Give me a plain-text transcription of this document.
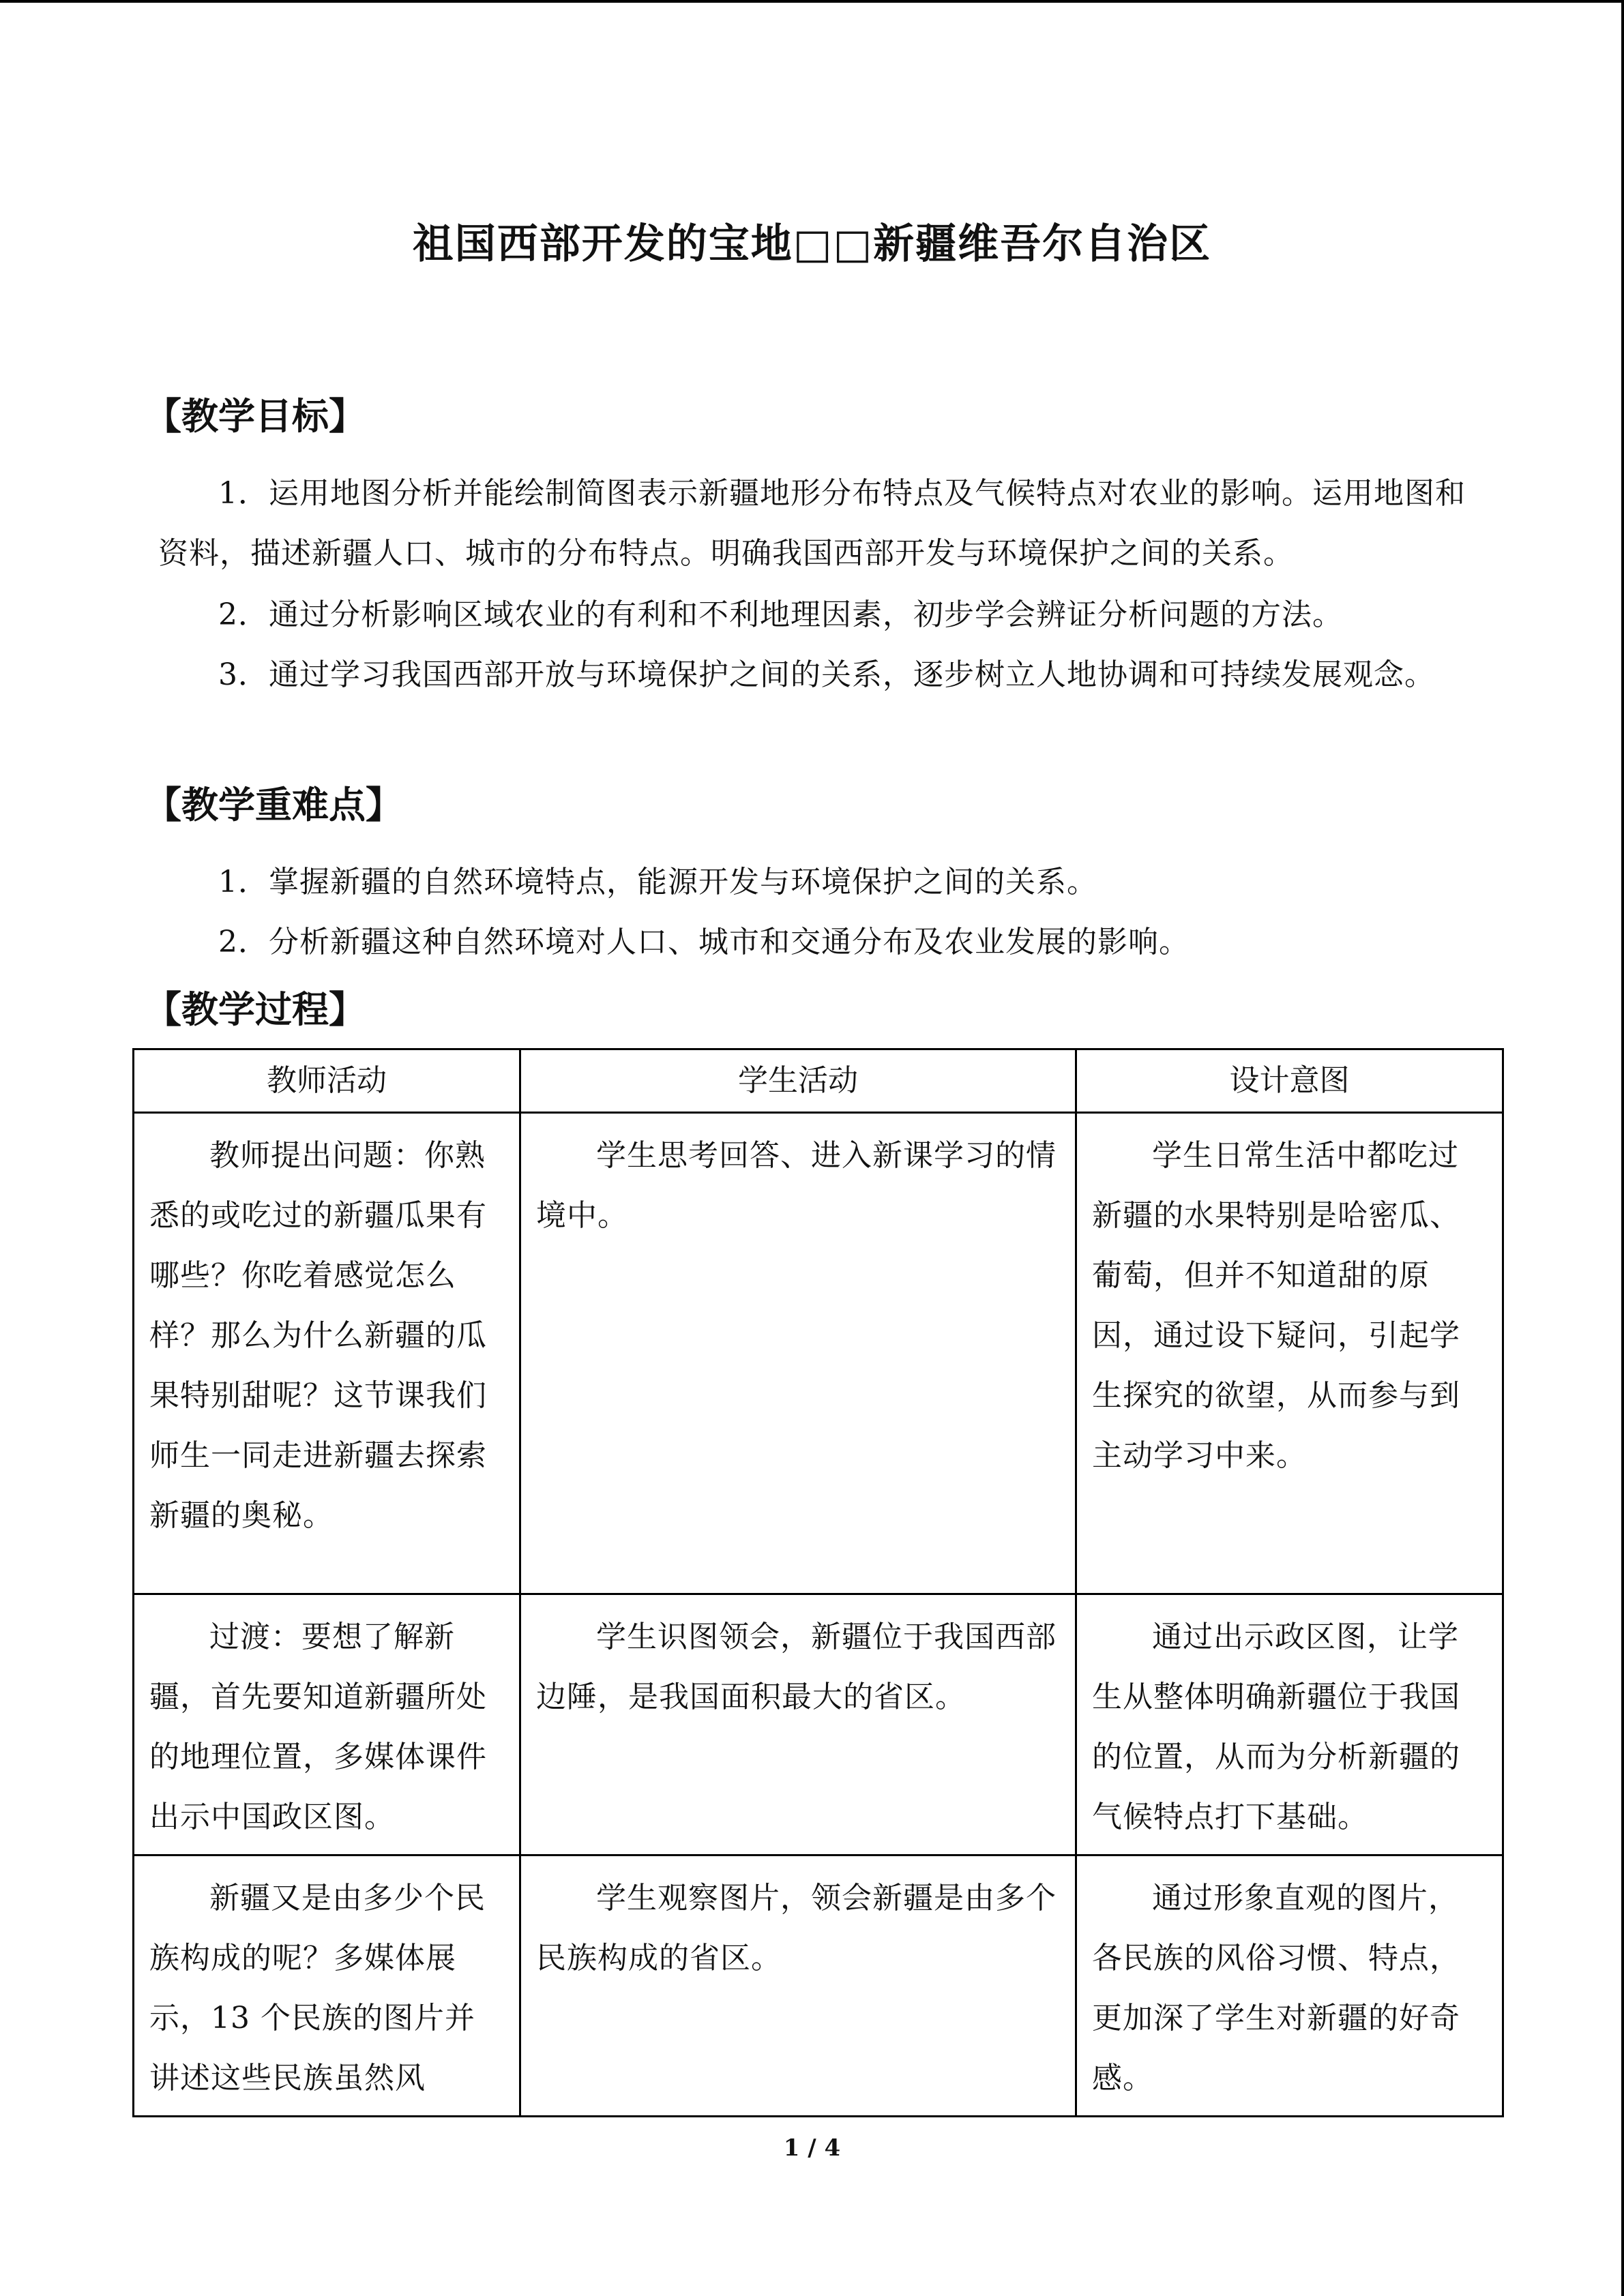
祖国西部开发的宝地□□新疆维吾尔自治区
【教学目标】
1．运用地图分析并能绘制简图表示新疆地形分布特点及气候特点对农业的影响。运用地图和资料，描述新疆人口、城市的分布特点。明确我国西部开发与环境保护之间的关系。
2．通过分析影响区域农业的有利和不利地理因素，初步学会辨证分析问题的方法。
3．通过学习我国西部开放与环境保护之间的关系，逐步树立人地协调和可持续发展观念。
【教学重难点】
1．掌握新疆的自然环境特点，能源开发与环境保护之间的关系。
2．分析新疆这种自然环境对人口、城市和交通分布及农业发展的影响。
【教学过程】
教师活动	学生活动	设计意图

教师提出问题：你熟悉的或吃过的新疆瓜果有哪些？你吃着感觉怎么样？那么为什么新疆的瓜果特别甜呢？这节课我们师生一同走进新疆去探索新疆的奥秘。	学生思考回答、进入新课学习的情境中。	学生日常生活中都吃过新疆的水果特别是哈密瓜、葡萄，但并不知道甜的原因，通过设下疑问，引起学生探究的欲望，从而参与到主动学习中来。

过渡：要想了解新疆，首先要知道新疆所处的地理位置，多媒体课件出示中国政区图。	学生识图领会，新疆位于我国西部边陲，是我国面积最大的省区。	通过出示政区图，让学生从整体明确新疆位于我国的位置，从而为分析新疆的气候特点打下基础。

新疆又是由多少个民族构成的呢？多媒体展示，13 个民族的图片并讲述这些民族虽然风	学生观察图片，领会新疆是由多个民族构成的省区。	通过形象直观的图片，各民族的风俗习惯、特点，更加深了学生对新疆的好奇感。
1 / 4
